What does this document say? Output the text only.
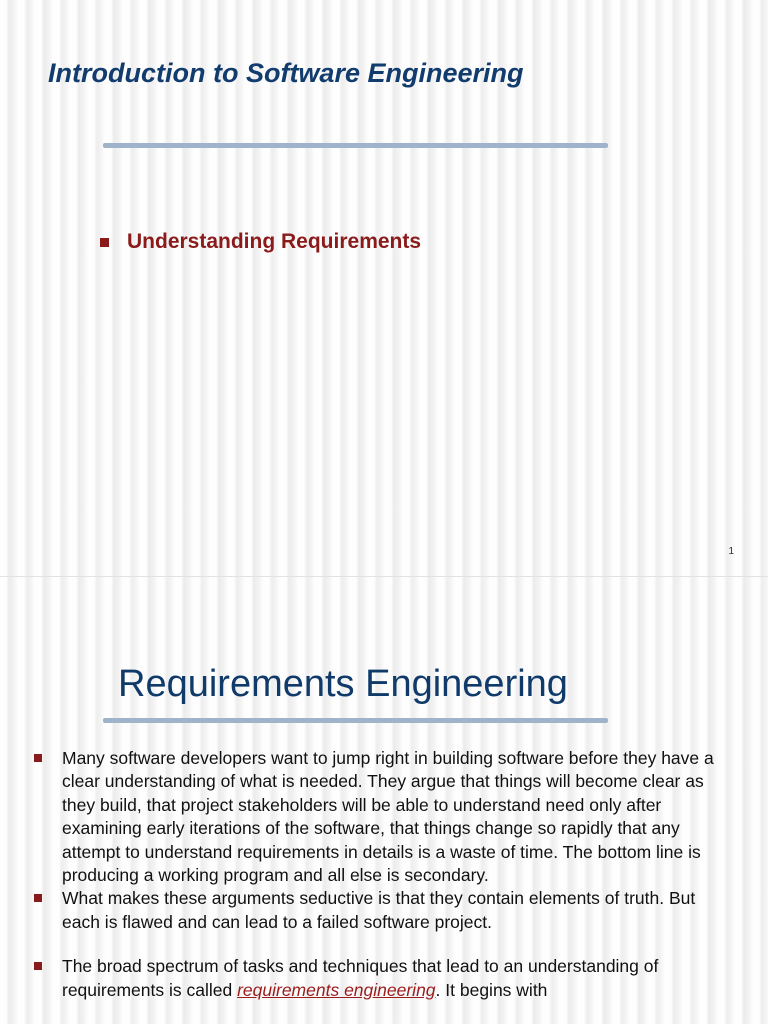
Introduction to Software Engineering
Understanding Requirements
1
Requirements Engineering
Many software developers want to jump right in building software before they have a clear understanding of what is needed. They argue that things will become clear as they build, that project stakeholders will be able to understand need only after examining early iterations of the software, that things change so rapidly that any attempt to understand requirements in details is a waste of time. The bottom line is producing a working program and all else is secondary.
What makes these arguments seductive is that they contain elements of truth. But each is flawed and can lead to a failed software project.
The broad spectrum of tasks and techniques that lead to an understanding of requirements is called requirements engineering. It begins with
